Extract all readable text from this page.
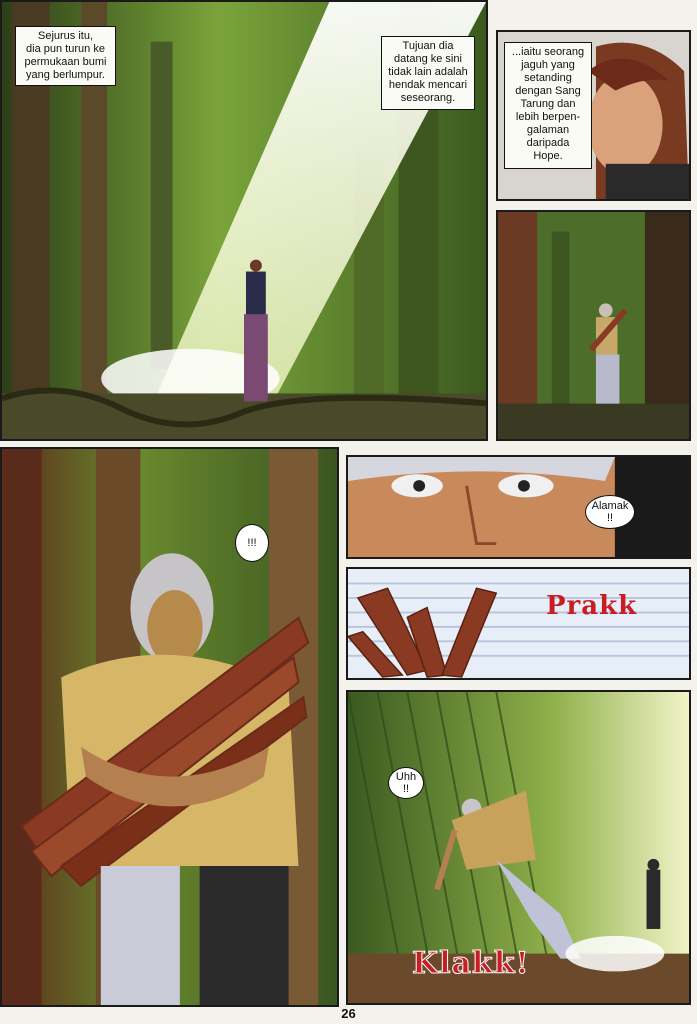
Sejurus itu,
dia pun turun ke
permukaan bumi
yang berlumpur.
Tujuan dia
datang ke sini
tidak lain adalah
hendak mencari
seseorang.
...iaitu seorang
jaguh yang
setanding
dengan Sang
Tarung dan
lebih berpen-
galaman
daripada
Hope.
!!!
Alamak
!!
Prakk
Uhh
!!
Klakk!
26
